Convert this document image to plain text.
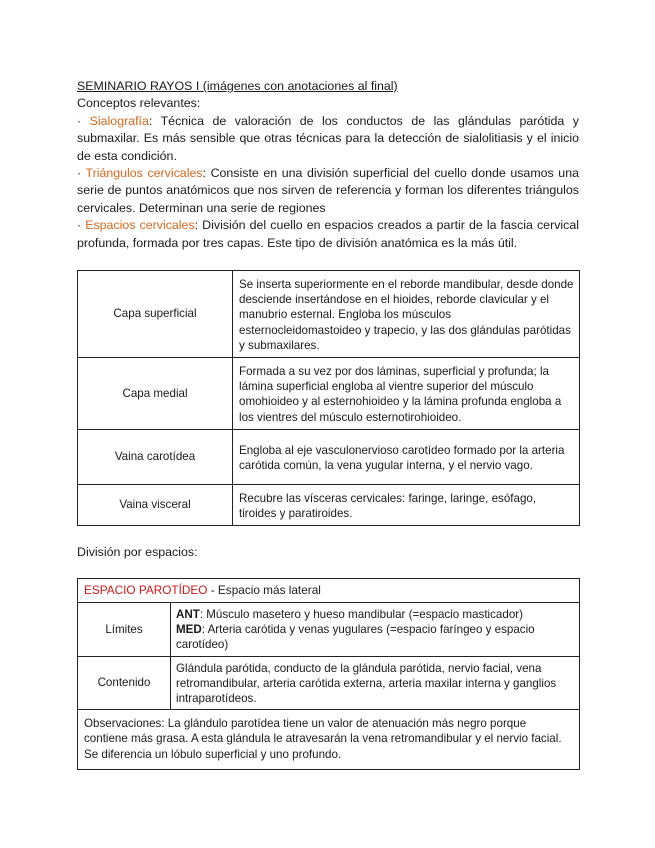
SEMINARIO RAYOS I (imágenes con anotaciones al final)
Conceptos relevantes:
· Sialografía: Técnica de valoración de los conductos de las glándulas parótida y submaxilar. Es más sensible que otras técnicas para la detección de sialolitiasis y el inicio de esta condición.
· Triángulos cervicales: Consiste en una división superficial del cuello donde usamos una serie de puntos anatómicos que nos sirven de referencia y forman los diferentes triángulos cervicales. Determinan una serie de regiones
· Espacios cervicales: División del cuello en espacios creados a partir de la fascia cervical profunda, formada por tres capas. Este tipo de división anatómica es la más útil.
Capa superficial	Se inserta superiormente en el reborde mandibular, desde donde desciende insertándose en el hioides, reborde clavicular y el manubrio esternal. Engloba los músculos esternocleidomastoideo y trapecio, y las dos glándulas parótidas y submaxilares.
Capa medial	Formada a su vez por dos láminas, superficial y profunda; la lámina superficial engloba al vientre superior del músculo omohioideo y al esternohioideo y la lámina profunda engloba a los vientres del músculo esternotirohioideo.
Vaina carotídea	Engloba al eje vasculonervioso carotídeo formado por la arteria carótida común, la vena yugular interna, y el nervio vago.
Vaina visceral	Recubre las vísceras cervicales: faringe, laringe, esófago, tiroides y paratiroides.
División por espacios:
ESPACIO PAROTÍDEO - Espacio más lateral	
Límites	ANT: Músculo masetero y hueso mandibular (=espacio masticador)
MED: Arteria carótida y venas yugulares (=espacio faríngeo y espacio carotídeo)
Contenido	Glándula parótida, conducto de la glándula parótida, nervio facial, vena retromandibular, arteria carótida externa, arteria maxilar interna y ganglios intraparotídeos.
Observaciones: La glándulo parotídea tiene un valor de atenuación más negro porque contiene más grasa. A esta glándula le atravesarán la vena retromandibular y el nervio facial. Se diferencia un lóbulo superficial y uno profundo.	
